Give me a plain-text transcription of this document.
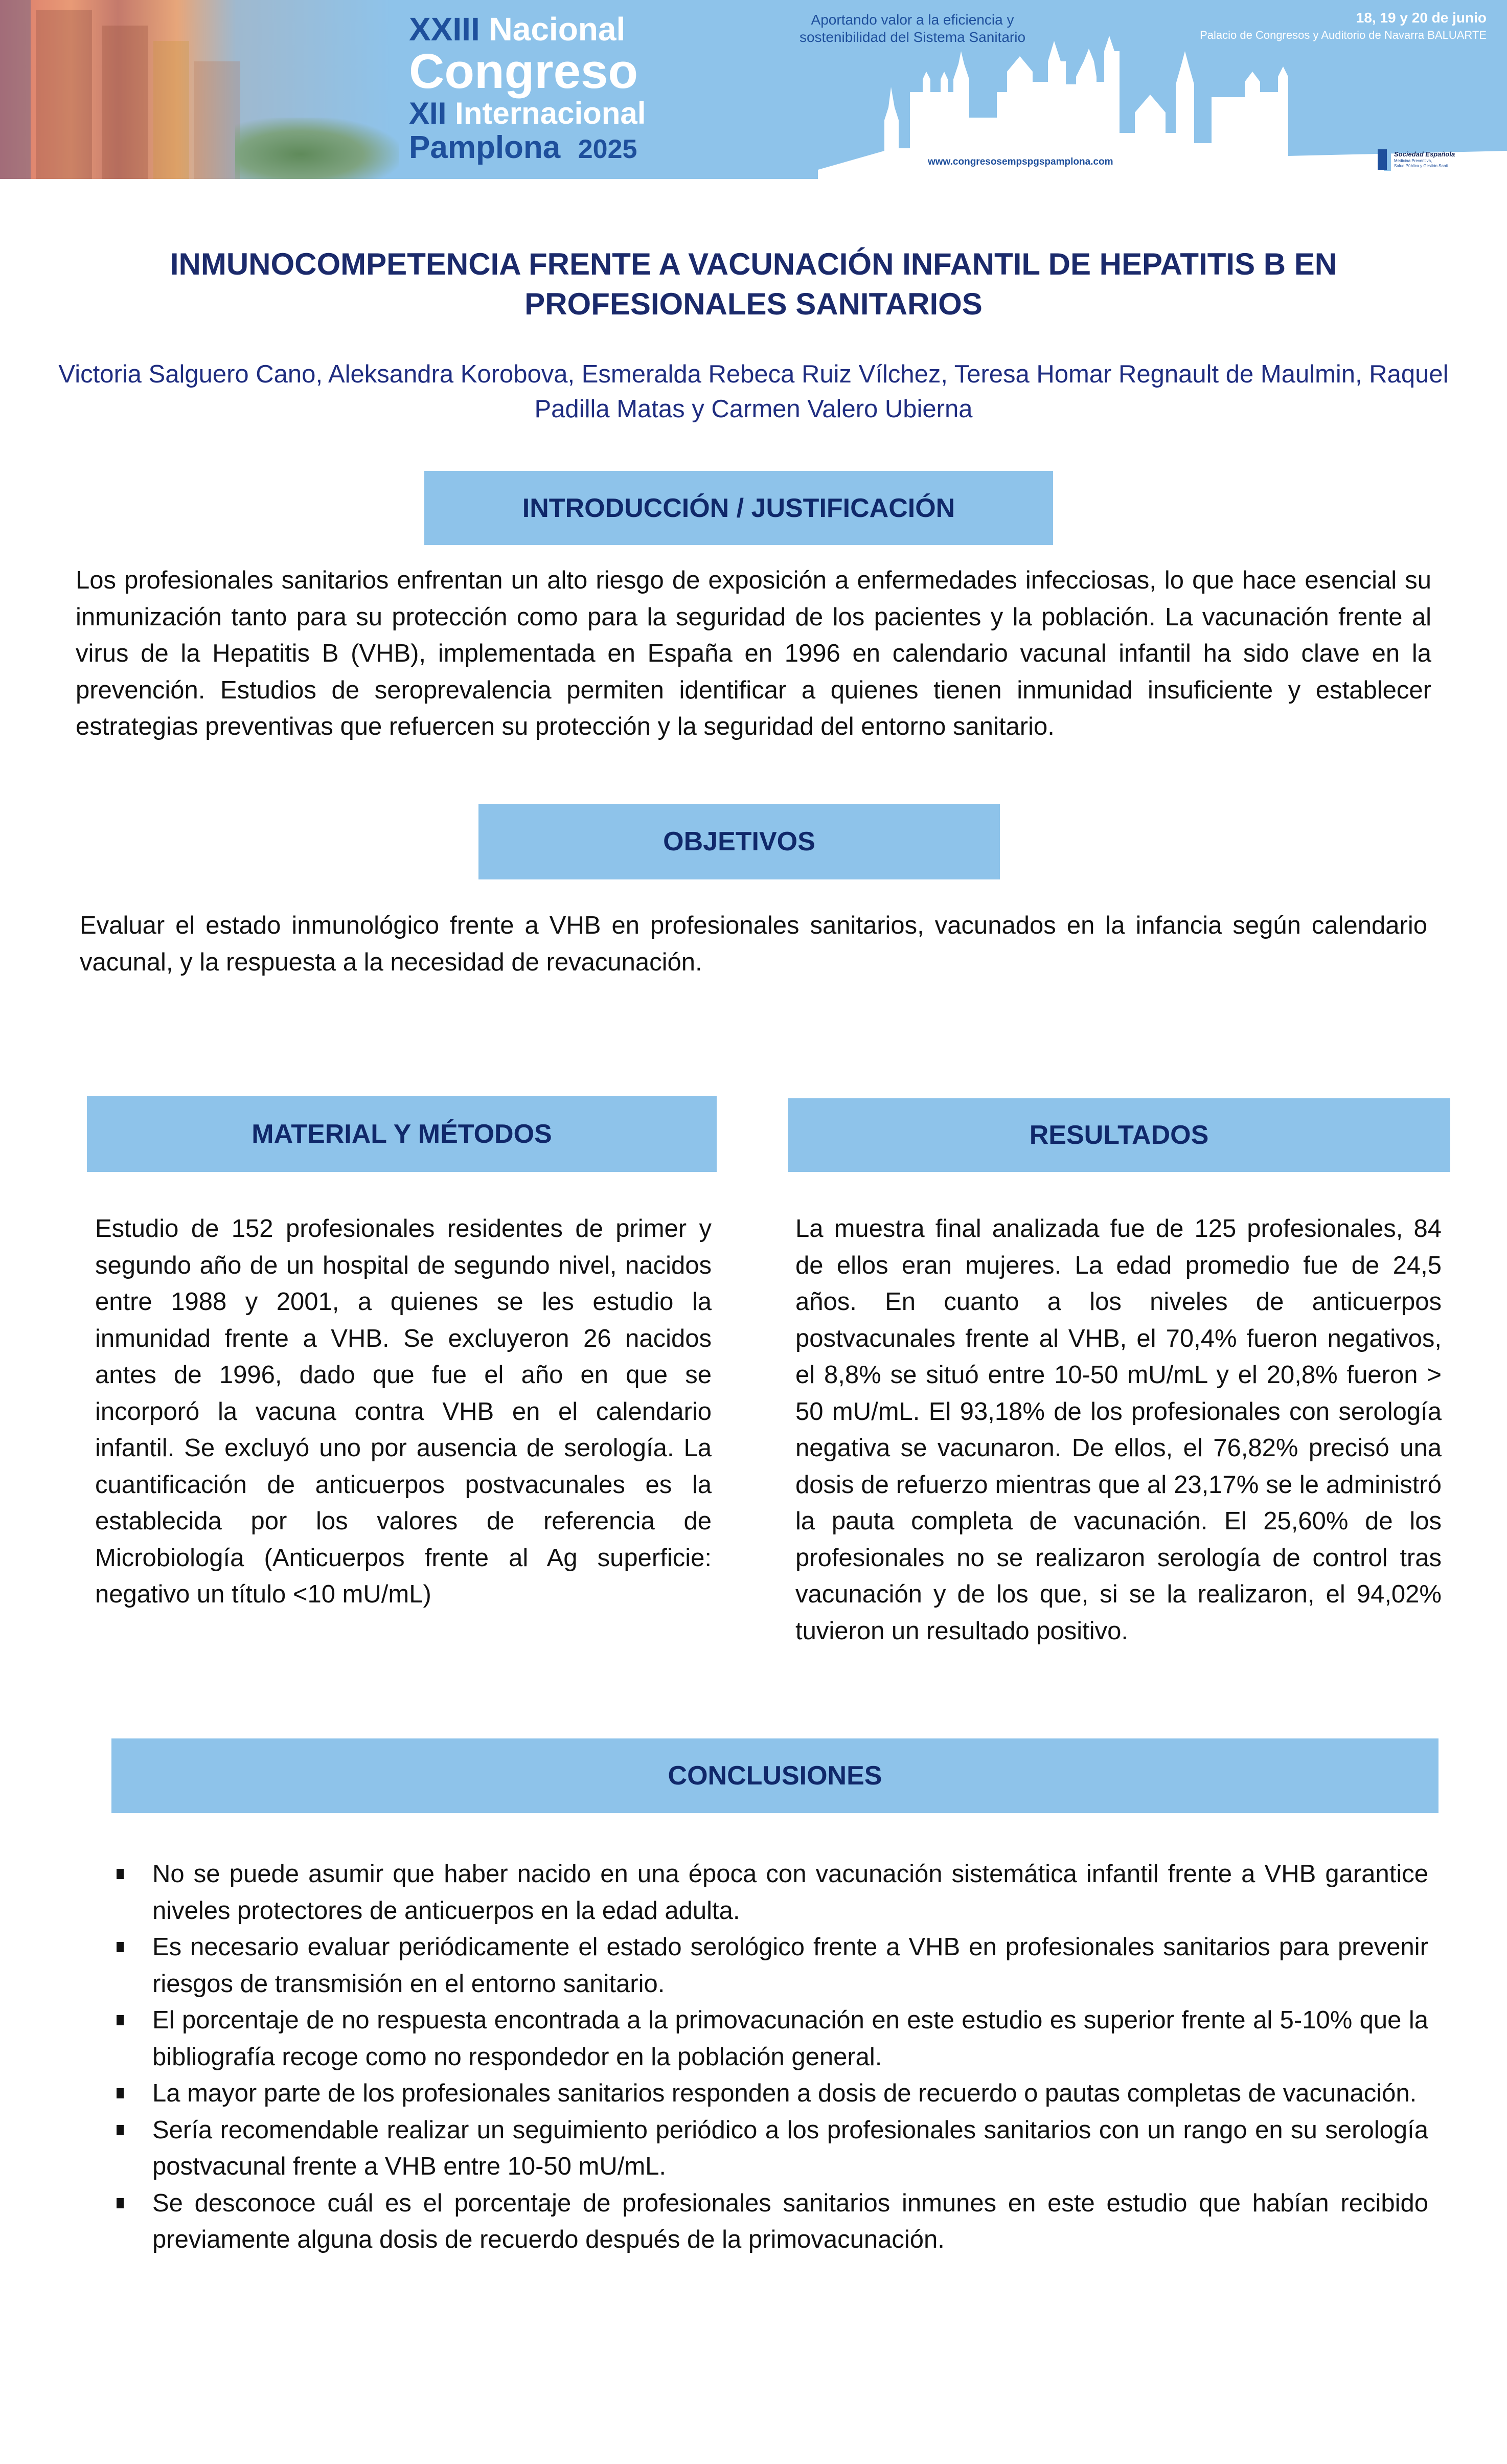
XXIII Nacional
Congreso
XII Internacional
Pamplona 2025
Aportando valor a la eficiencia y
sostenibilidad del Sistema Sanitario
18, 19 y 20 de junio
Palacio de Congresos y Auditorio de Navarra BALUARTE
www.congresosempspgspamplona.com
Sociedad Española
Medicina Preventiva,
Salud Pública y Gestión Sanit
INMUNOCOMPETENCIA FRENTE A VACUNACIÓN INFANTIL DE HEPATITIS B EN PROFESIONALES SANITARIOS
Victoria Salguero Cano, Aleksandra Korobova, Esmeralda Rebeca Ruiz Vílchez, Teresa Homar Regnault de Maulmin, Raquel Padilla Matas y Carmen Valero Ubierna
INTRODUCCIÓN / JUSTIFICACIÓN
Los profesionales sanitarios enfrentan un alto riesgo de exposición a enfermedades infecciosas, lo que hace esencial su inmunización tanto para su protección como para la seguridad de los pacientes y la población. La vacunación frente al virus de la Hepatitis B (VHB), implementada en España en 1996 en calendario vacunal infantil ha sido clave en la prevención. Estudios de seroprevalencia permiten identificar a quienes tienen inmunidad insuficiente y establecer estrategias preventivas que refuercen su protección y la seguridad del entorno sanitario.
OBJETIVOS
Evaluar el estado inmunológico frente a VHB en profesionales sanitarios, vacunados en la infancia según calendario vacunal, y la respuesta a la necesidad de revacunación.
MATERIAL Y MÉTODOS	RESULTADOS
Estudio de 152 profesionales residentes de primer y segundo año de un hospital de segundo nivel, nacidos entre 1988 y 2001, a quienes se les estudio la inmunidad frente a VHB. Se excluyeron 26 nacidos antes de 1996, dado que fue el año en que se incorporó la vacuna contra VHB en el calendario infantil. Se excluyó uno por ausencia de serología. La cuantificación de anticuerpos postvacunales es la establecida por los valores de referencia de Microbiología (Anticuerpos frente al Ag superficie: negativo un título <10 mU/mL)
La muestra final analizada fue de 125 profesionales, 84 de ellos eran mujeres. La edad promedio fue de 24,5 años. En cuanto a los niveles de anticuerpos postvacunales frente al VHB, el 70,4% fueron negativos, el 8,8% se situó entre 10-50 mU/mL y el 20,8% fueron > 50 mU/mL. El 93,18% de los profesionales con serología negativa se vacunaron. De ellos, el 76,82% precisó una dosis de refuerzo mientras que al 23,17% se le administró la pauta completa de vacunación. El 25,60% de los profesionales no se realizaron serología de control tras vacunación y de los que, si se la realizaron, el 94,02% tuvieron un resultado positivo.
CONCLUSIONES
No se puede asumir que haber nacido en una época con vacunación sistemática infantil frente a VHB garantice niveles protectores de anticuerpos en la edad adulta.
Es necesario evaluar periódicamente el estado serológico frente a VHB en profesionales sanitarios para prevenir riesgos de transmisión en el entorno sanitario.
El porcentaje de no respuesta encontrada a la primovacunación en este estudio es superior frente al 5-10% que la bibliografía recoge como no respondedor en la población general.
La mayor parte de los profesionales sanitarios responden a dosis de recuerdo o pautas completas de vacunación.
Sería recomendable realizar un seguimiento periódico a los profesionales sanitarios con un rango en su serología postvacunal frente a VHB entre 10-50 mU/mL.
Se desconoce cuál es el porcentaje de profesionales sanitarios inmunes en este estudio que habían recibido previamente alguna dosis de recuerdo después de la primovacunación.
